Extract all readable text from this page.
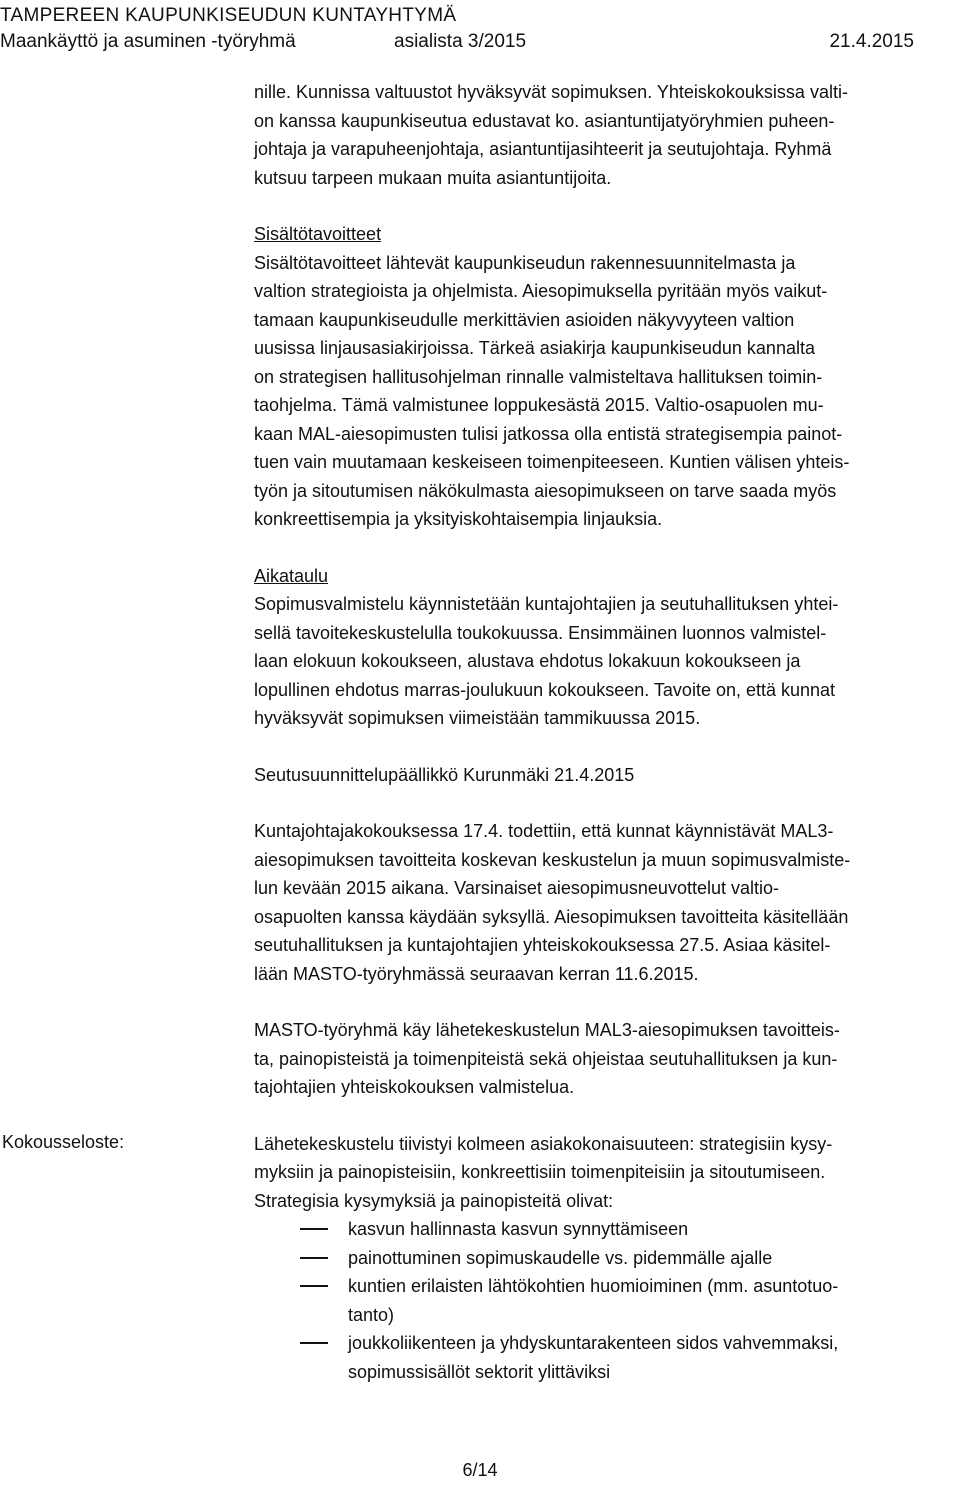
TAMPEREEN KAUPUNKISEUDUN KUNTAYHTYMÄ
Maankäyttö ja asuminen -työryhmä	asialista 3/2015	21.4.2015

nille. Kunnissa valtuustot hyväksyvät sopimuksen. Yhteiskokouksissa valti-
on kanssa kaupunkiseutua edustavat ko. asiantuntijatyöryhmien puheen-
johtaja ja varapuheenjohtaja, asiantuntijasihteerit ja seutujohtaja. Ryhmä
kutsuu tarpeen mukaan muita asiantuntijoita.

Sisältötavoitteet
Sisältötavoitteet lähtevät kaupunkiseudun rakennesuunnitelmasta ja
valtion strategioista ja ohjelmista. Aiesopimuksella pyritään myös vaikut-
tamaan kaupunkiseudulle merkittävien asioiden näkyvyyteen valtion
uusissa linjausasiakirjoissa. Tärkeä asiakirja kaupunkiseudun kannalta
on strategisen hallitusohjelman rinnalle valmisteltava hallituksen toimin-
taohjelma. Tämä valmistunee loppukesästä 2015. Valtio-osapuolen mu-
kaan MAL-aiesopimusten tulisi jatkossa olla entistä strategisempia painot-
tuen vain muutamaan keskeiseen toimenpiteeseen. Kuntien välisen yhteis-
työn ja sitoutumisen näkökulmasta aiesopimukseen on tarve saada myös
konkreettisempia ja yksityiskohtaisempia linjauksia.

Aikataulu
Sopimusvalmistelu käynnistetään kuntajohtajien ja seutuhallituksen yhtei-
sellä tavoitekeskustelulla toukokuussa. Ensimmäinen luonnos valmistel-
laan elokuun kokoukseen, alustava ehdotus lokakuun kokoukseen ja
lopullinen ehdotus marras-joulukuun kokoukseen. Tavoite on, että kunnat
hyväksyvät sopimuksen viimeistään tammikuussa 2015.

Seutusuunnittelupäällikkö Kurunmäki 21.4.2015

Kuntajohtajakokouksessa 17.4. todettiin, että kunnat käynnistävät MAL3-
aiesopimuksen tavoitteita koskevan keskustelun ja muun sopimusvalmiste-
lun kevään 2015 aikana. Varsinaiset aiesopimusneuvottelut valtio-
osapuolten kanssa käydään syksyllä. Aiesopimuksen tavoitteita käsitellään
seutuhallituksen ja kuntajohtajien yhteiskokouksessa 27.5. Asiaa käsitel-
lään MASTO-työryhmässä seuraavan kerran 11.6.2015.

MASTO-työryhmä käy lähetekeskustelun MAL3-aiesopimuksen tavoitteis-
ta, painopisteistä ja toimenpiteistä sekä ohjeistaa seutuhallituksen ja kun-
tajohtajien yhteiskokouksen valmistelua.

Lähetekeskustelu tiivistyi kolmeen asiakokonaisuuteen: strategisiin kysy-
myksiin ja painopisteisiin, konkreettisiin toimenpiteisiin ja sitoutumiseen.
Strategisia kysymyksiä ja painopisteitä olivat:

kasvun hallinnasta kasvun synnyttämiseen
painottuminen sopimuskaudelle vs. pidemmälle ajalle
kuntien erilaisten lähtökohtien huomioiminen (mm. asuntotuo-
tanto)
joukkoliikenteen ja yhdyskuntarakenteen sidos vahvemmaksi,
sopimussisällöt sektorit ylittäviksi
Kokousseloste:
6/14
